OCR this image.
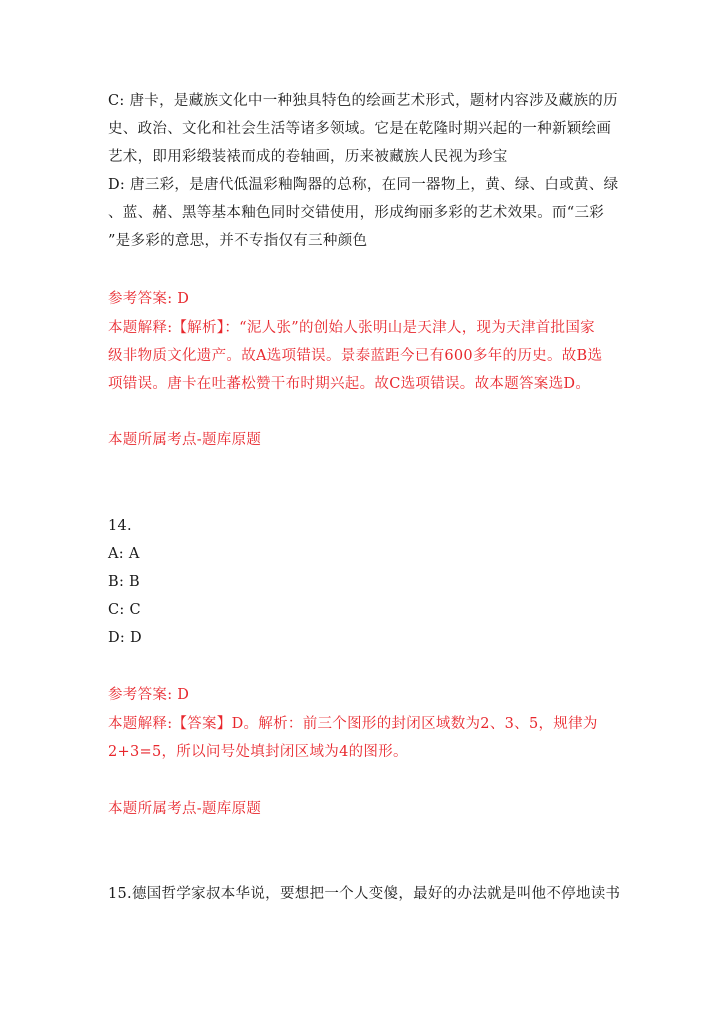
C: 唐卡，是藏族文化中一种独具特色的绘画艺术形式，题材内容涉及藏族的历
史、政治、文化和社会生活等诸多领域。它是在乾隆时期兴起的一种新颖绘画
艺术，即用彩缎装裱而成的卷轴画，历来被藏族人民视为珍宝
D: 唐三彩，是唐代低温彩釉陶器的总称，在同一器物上，黄、绿、白或黄、绿
、蓝、赭、黑等基本釉色同时交错使用，形成绚丽多彩的艺术效果。而“三彩
”是多彩的意思，并不专指仅有三种颜色
参考答案: D
本题解释:【解析】：“泥人张”的创始人张明山是天津人，现为天津首批国家
级非物质文化遗产。故A选项错误。景泰蓝距今已有600多年的历史。故B选
项错误。唐卡在吐蕃松赞干布时期兴起。故C选项错误。故本题答案选D。
本题所属考点-题库原题
14.
A: A
B: B
C: C
D: D
参考答案: D
本题解释:【答案】D。解析：前三个图形的封闭区域数为2、3、5，规律为
2+3=5，所以问号处填封闭区域为4的图形。
本题所属考点-题库原题
15.德国哲学家叔本华说，要想把一个人变傻，最好的办法就是叫他不停地读书
